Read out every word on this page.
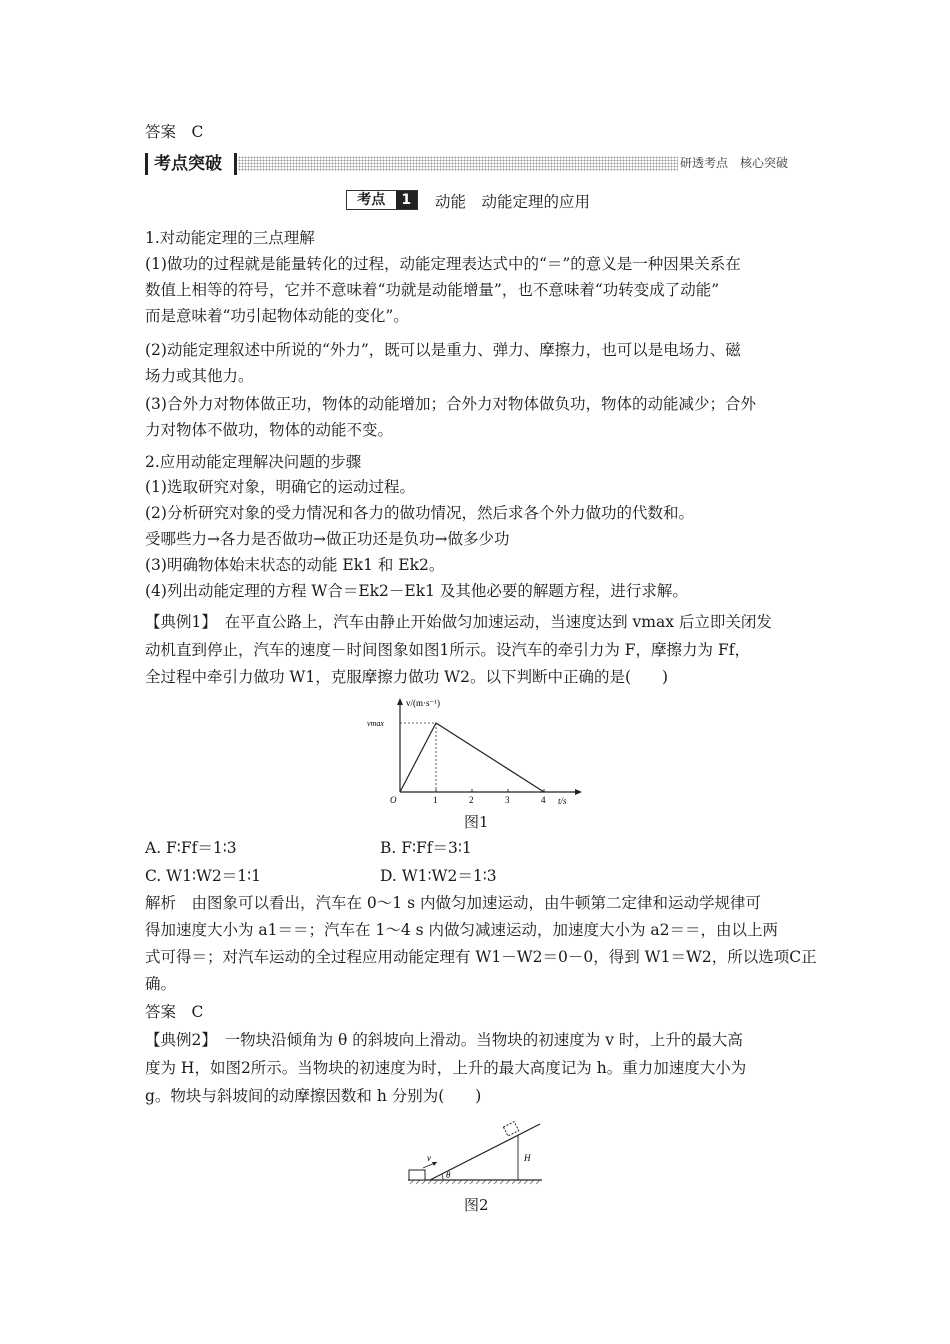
答案　C
考点突破	研透考点　核心突破
考点	1	动能　动能定理的应用
1.对动能定理的三点理解
(1)做功的过程就是能量转化的过程，动能定理表达式中的“＝”的意义是一种因果关系在
数值上相等的符号，它并不意味着“功就是动能增量”，也不意味着“功转变成了动能”
而是意味着“功引起物体动能的变化”。
(2)动能定理叙述中所说的“外力”，既可以是重力、弹力、摩擦力，也可以是电场力、磁
场力或其他力。
(3)合外力对物体做正功，物体的动能增加；合外力对物体做负功，物体的动能减少；合外
力对物体不做功，物体的动能不变。
2.应用动能定理解决问题的步骤
(1)选取研究对象，明确它的运动过程。
(2)分析研究对象的受力情况和各力的做功情况，然后求各个外力做功的代数和。
受哪些力→各力是否做功→做正功还是负功→做多少功
(3)明确物体始末状态的动能 Ek1 和 Ek2。
(4)列出动能定理的方程 W合＝Ek2－Ek1 及其他必要的解题方程，进行求解。
【典例1】　在平直公路上，汽车由静止开始做匀加速运动，当速度达到 vmax 后立即关闭发
动机直到停止，汽车的速度－时间图象如图1所示。设汽车的牵引力为 F，摩擦力为 Ff，
全过程中牵引力做功 W1，克服摩擦力做功 W2。以下判断中正确的是(　　)
v/(m·s⁻¹)
t/s
O
vmax
1	2	3	4
图1
A. F∶Ff＝1∶3	B. F∶Ff＝3∶1
C. W1∶W2＝1∶1	D. W1∶W2＝1∶3
解析　由图象可以看出，汽车在 0～1 s 内做匀加速运动，由牛顿第二定律和运动学规律可
得加速度大小为 a1＝＝；汽车在 1～4 s 内做匀减速运动，加速度大小为 a2＝＝，由以上两
式可得＝；对汽车运动的全过程应用动能定理有 W1－W2＝0－0，得到 W1＝W2，所以选项C正
确。
答案　C
【典例2】　一物块沿倾角为 θ 的斜坡向上滑动。当物块的初速度为 v 时，上升的最大高
度为 H，如图2所示。当物块的初速度为时，上升的最大高度记为 h。重力加速度大小为
g。物块与斜坡间的动摩擦因数和 h 分别为(　　)
v
θ
H
图2
